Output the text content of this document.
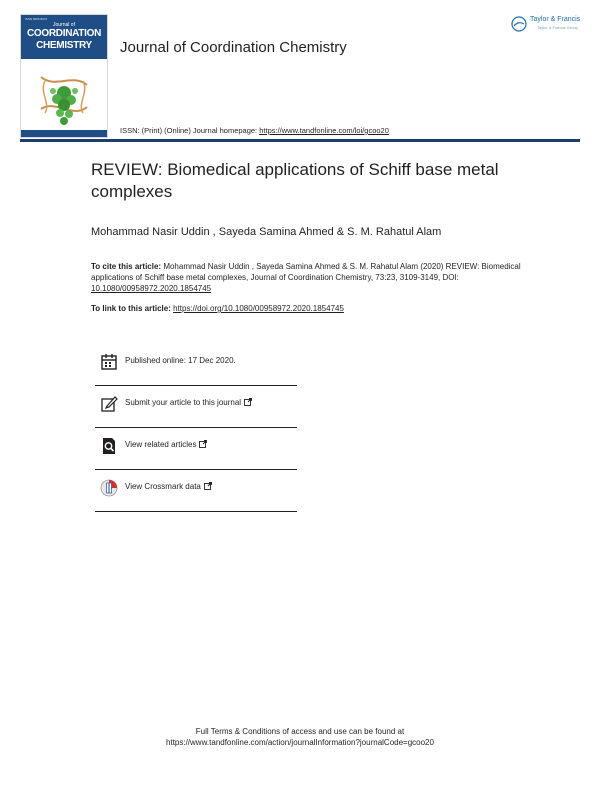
ISSN 0095-8972
Journal of
COORDINATION
CHEMISTRY	Journal of Coordination Chemistry
Taylor & Francis
Taylor & Francis Group
ISSN: (Print) (Online) Journal homepage: https://www.tandfonline.com/loi/gcoo20
REVIEW: Biomedical applications of Schiff base metal complexes
Mohammad Nasir Uddin , Sayeda Samina Ahmed & S. M. Rahatul Alam
To cite this article: Mohammad Nasir Uddin , Sayeda Samina Ahmed & S. M. Rahatul Alam (2020) REVIEW: Biomedical applications of Schiff base metal complexes, Journal of Coordination Chemistry, 73:23, 3109-3149, DOI: 10.1080/00958972.2020.1854745
To link to this article: https://doi.org/10.1080/00958972.2020.1854745
Published online: 17 Dec 2020.
Submit your article to this journal
View related articles
View Crossmark data
Full Terms & Conditions of access and use can be found at
https://www.tandfonline.com/action/journalInformation?journalCode=gcoo20
